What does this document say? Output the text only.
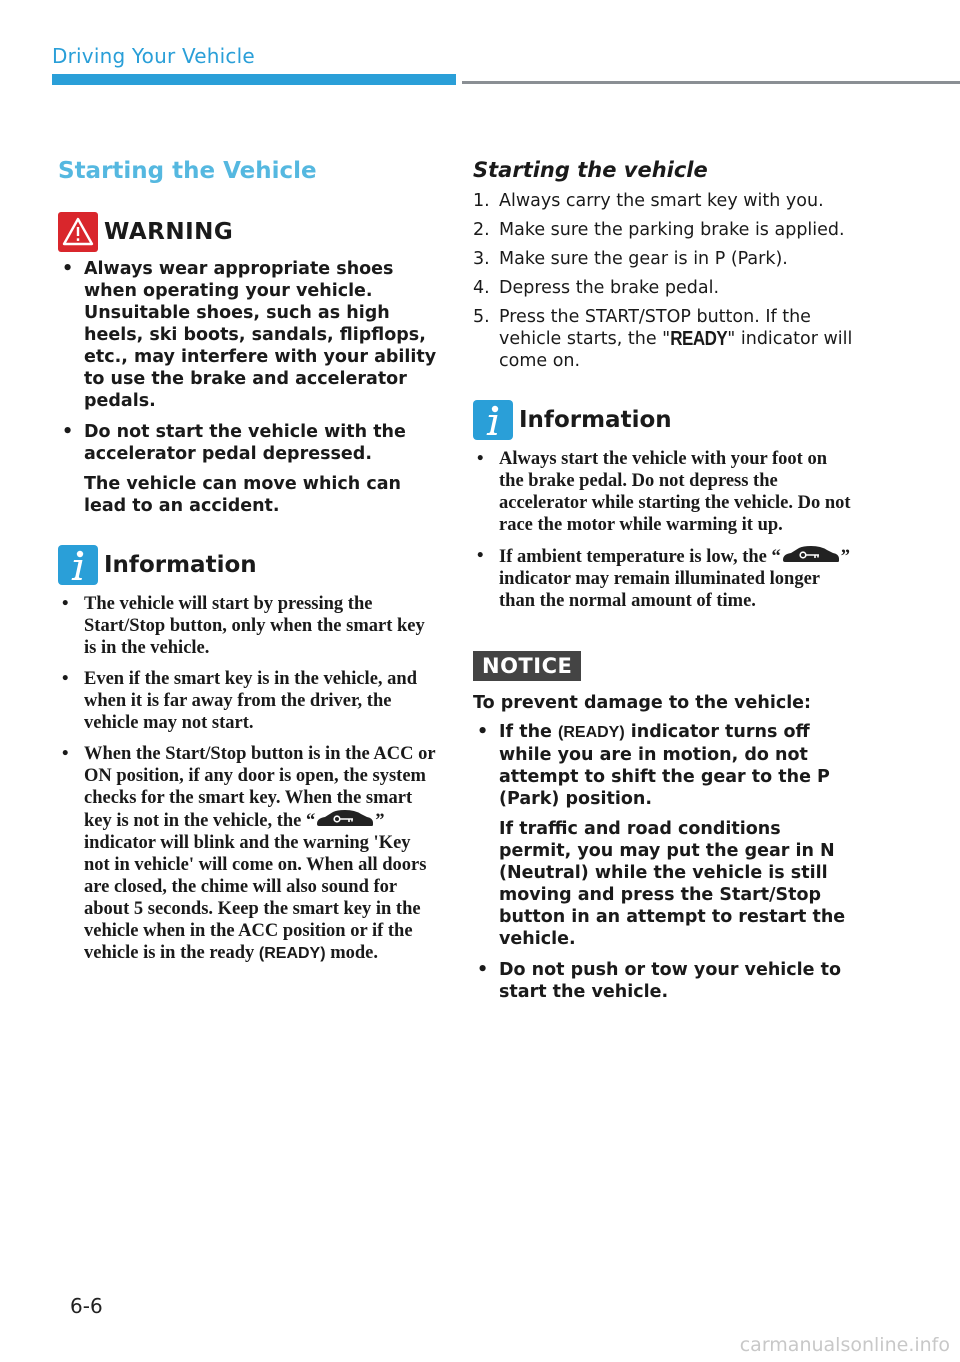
Driving Your Vehicle
Starting the Vehicle
WARNING
• Always wear appropriate shoes when operating your vehicle. Unsuitable shoes, such as high heels, ski boots, sandals, flipflops, etc., may interfere with your ability to use the brake and accelerator pedals.
• Do not start the vehicle with the accelerator pedal depressed.
The vehicle can move which can lead to an accident.
Information
• The vehicle will start by pressing the Start/Stop button, only when the smart key is in the vehicle.
• Even if the smart key is in the vehicle, and when it is far away from the driver, the vehicle may not start.
• When the Start/Stop button is in the ACC or ON position, if any door is open, the system checks for the smart key. When the smart key is not in the vehicle, the “	” indicator will blink and the warning 'Key not in vehicle' will come on. When all doors are closed, the chime will also sound for about 5 seconds. Keep the smart key in the vehicle when in the ACC position or if the vehicle is in the ready (READY) mode.
Starting the vehicle
1. Always carry the smart key with you.
2. Make sure the parking brake is applied.
3. Make sure the gear is in P (Park).
4. Depress the brake pedal.
5. Press the START/STOP button. If the vehicle starts, the "READY" indicator will come on.
Information
• Always start the vehicle with your foot on the brake pedal. Do not depress the accelerator while starting the vehicle. Do not race the motor while warming it up.
• If ambient temperature is low, the “	” indicator may remain illuminated longer than the normal amount of time.
NOTICE
To prevent damage to the vehicle:
• If the (READY) indicator turns off while you are in motion, do not attempt to shift the gear to the P (Park) position.
If traffic and road conditions permit, you may put the gear in N (Neutral) while the vehicle is still moving and press the Start/Stop button in an attempt to restart the vehicle.
• Do not push or tow your vehicle to start the vehicle.
6-6
carmanualsonline.info
